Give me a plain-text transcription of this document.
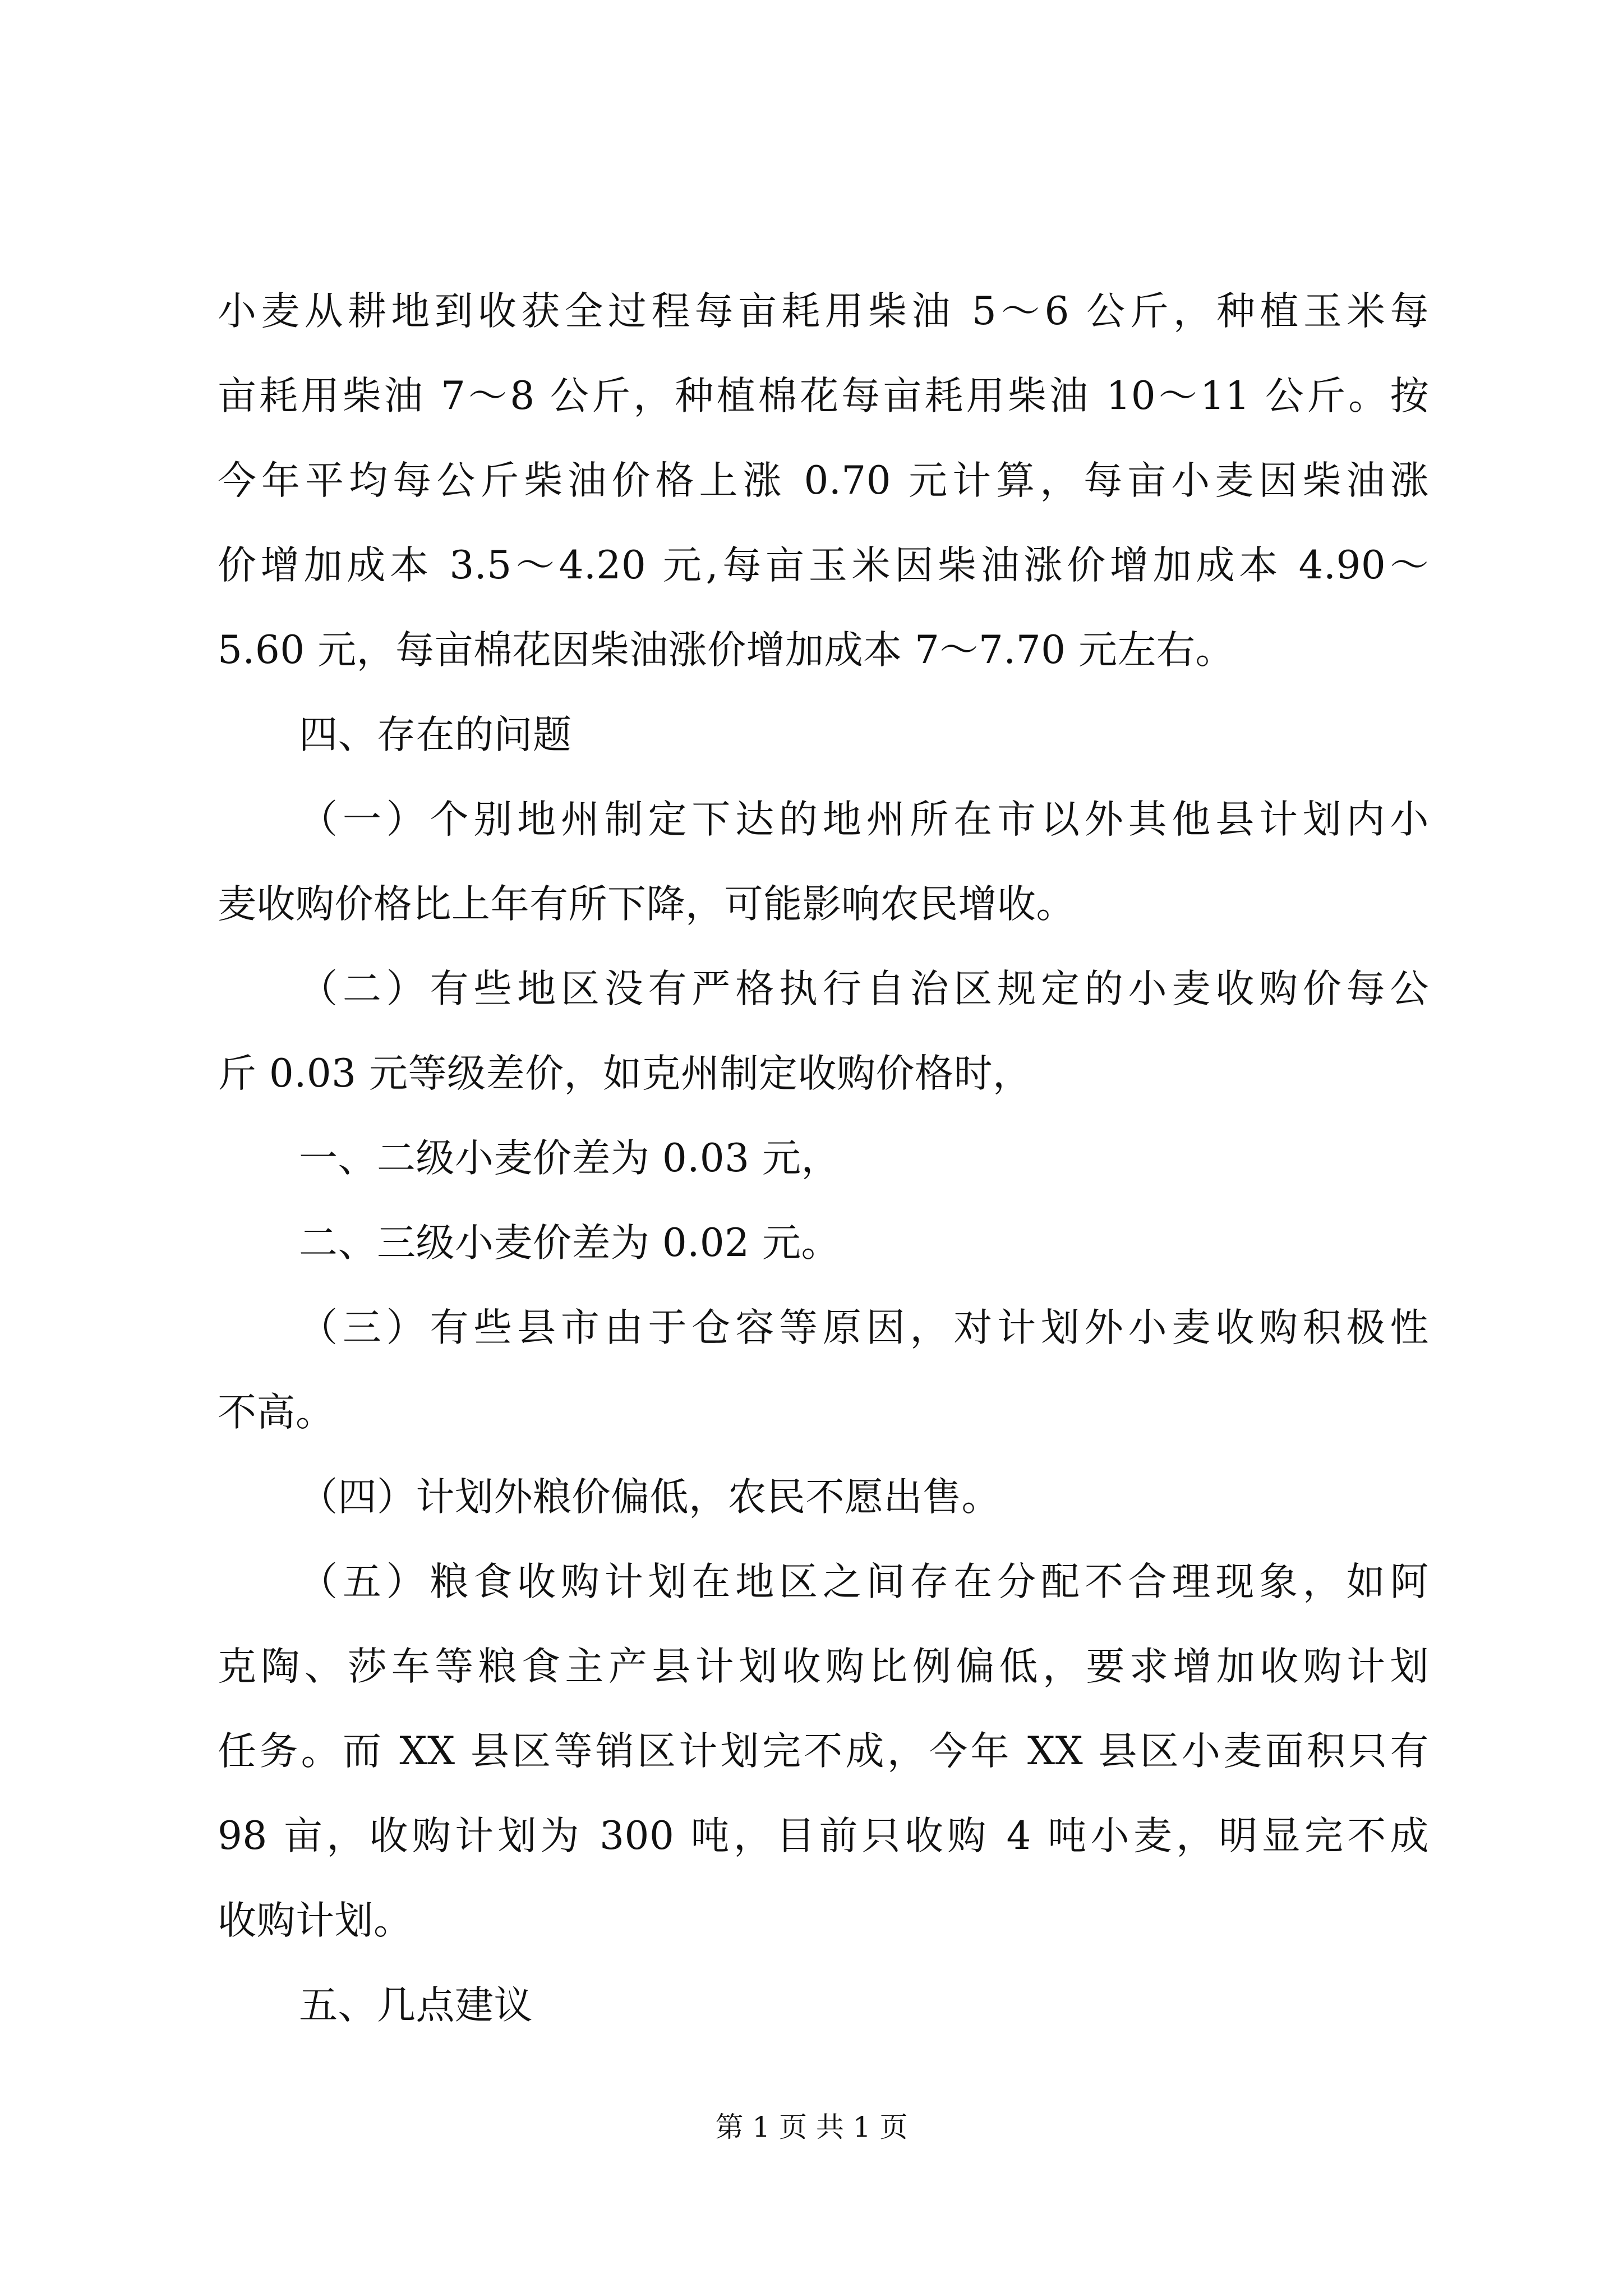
小麦从耕地到收获全过程每亩耗用柴油 5～6 公斤，种植玉米每
亩耗用柴油 7～8 公斤，种植棉花每亩耗用柴油 10～11 公斤。按
今年平均每公斤柴油价格上涨 0.70 元计算，每亩小麦因柴油涨
价增加成本 3.5～4.20 元,每亩玉米因柴油涨价增加成本 4.90～
5.60 元，每亩棉花因柴油涨价增加成本 7～7.70 元左右。
四、存在的问题
（一）个别地州制定下达的地州所在市以外其他县计划内小
麦收购价格比上年有所下降，可能影响农民增收。
（二）有些地区没有严格执行自治区规定的小麦收购价每公
斤 0.03 元等级差价，如克州制定收购价格时，
一、二级小麦价差为 0.03 元，
二、三级小麦价差为 0.02 元。
（三）有些县市由于仓容等原因，对计划外小麦收购积极性
不高。
（四）计划外粮价偏低，农民不愿出售。
（五）粮食收购计划在地区之间存在分配不合理现象，如阿
克陶、莎车等粮食主产县计划收购比例偏低，要求增加收购计划
任务。而 XX 县区等销区计划完不成，今年 XX 县区小麦面积只有
98 亩，收购计划为 300 吨，目前只收购 4 吨小麦，明显完不成
收购计划。
五、几点建议
第 1 页 共 1 页
